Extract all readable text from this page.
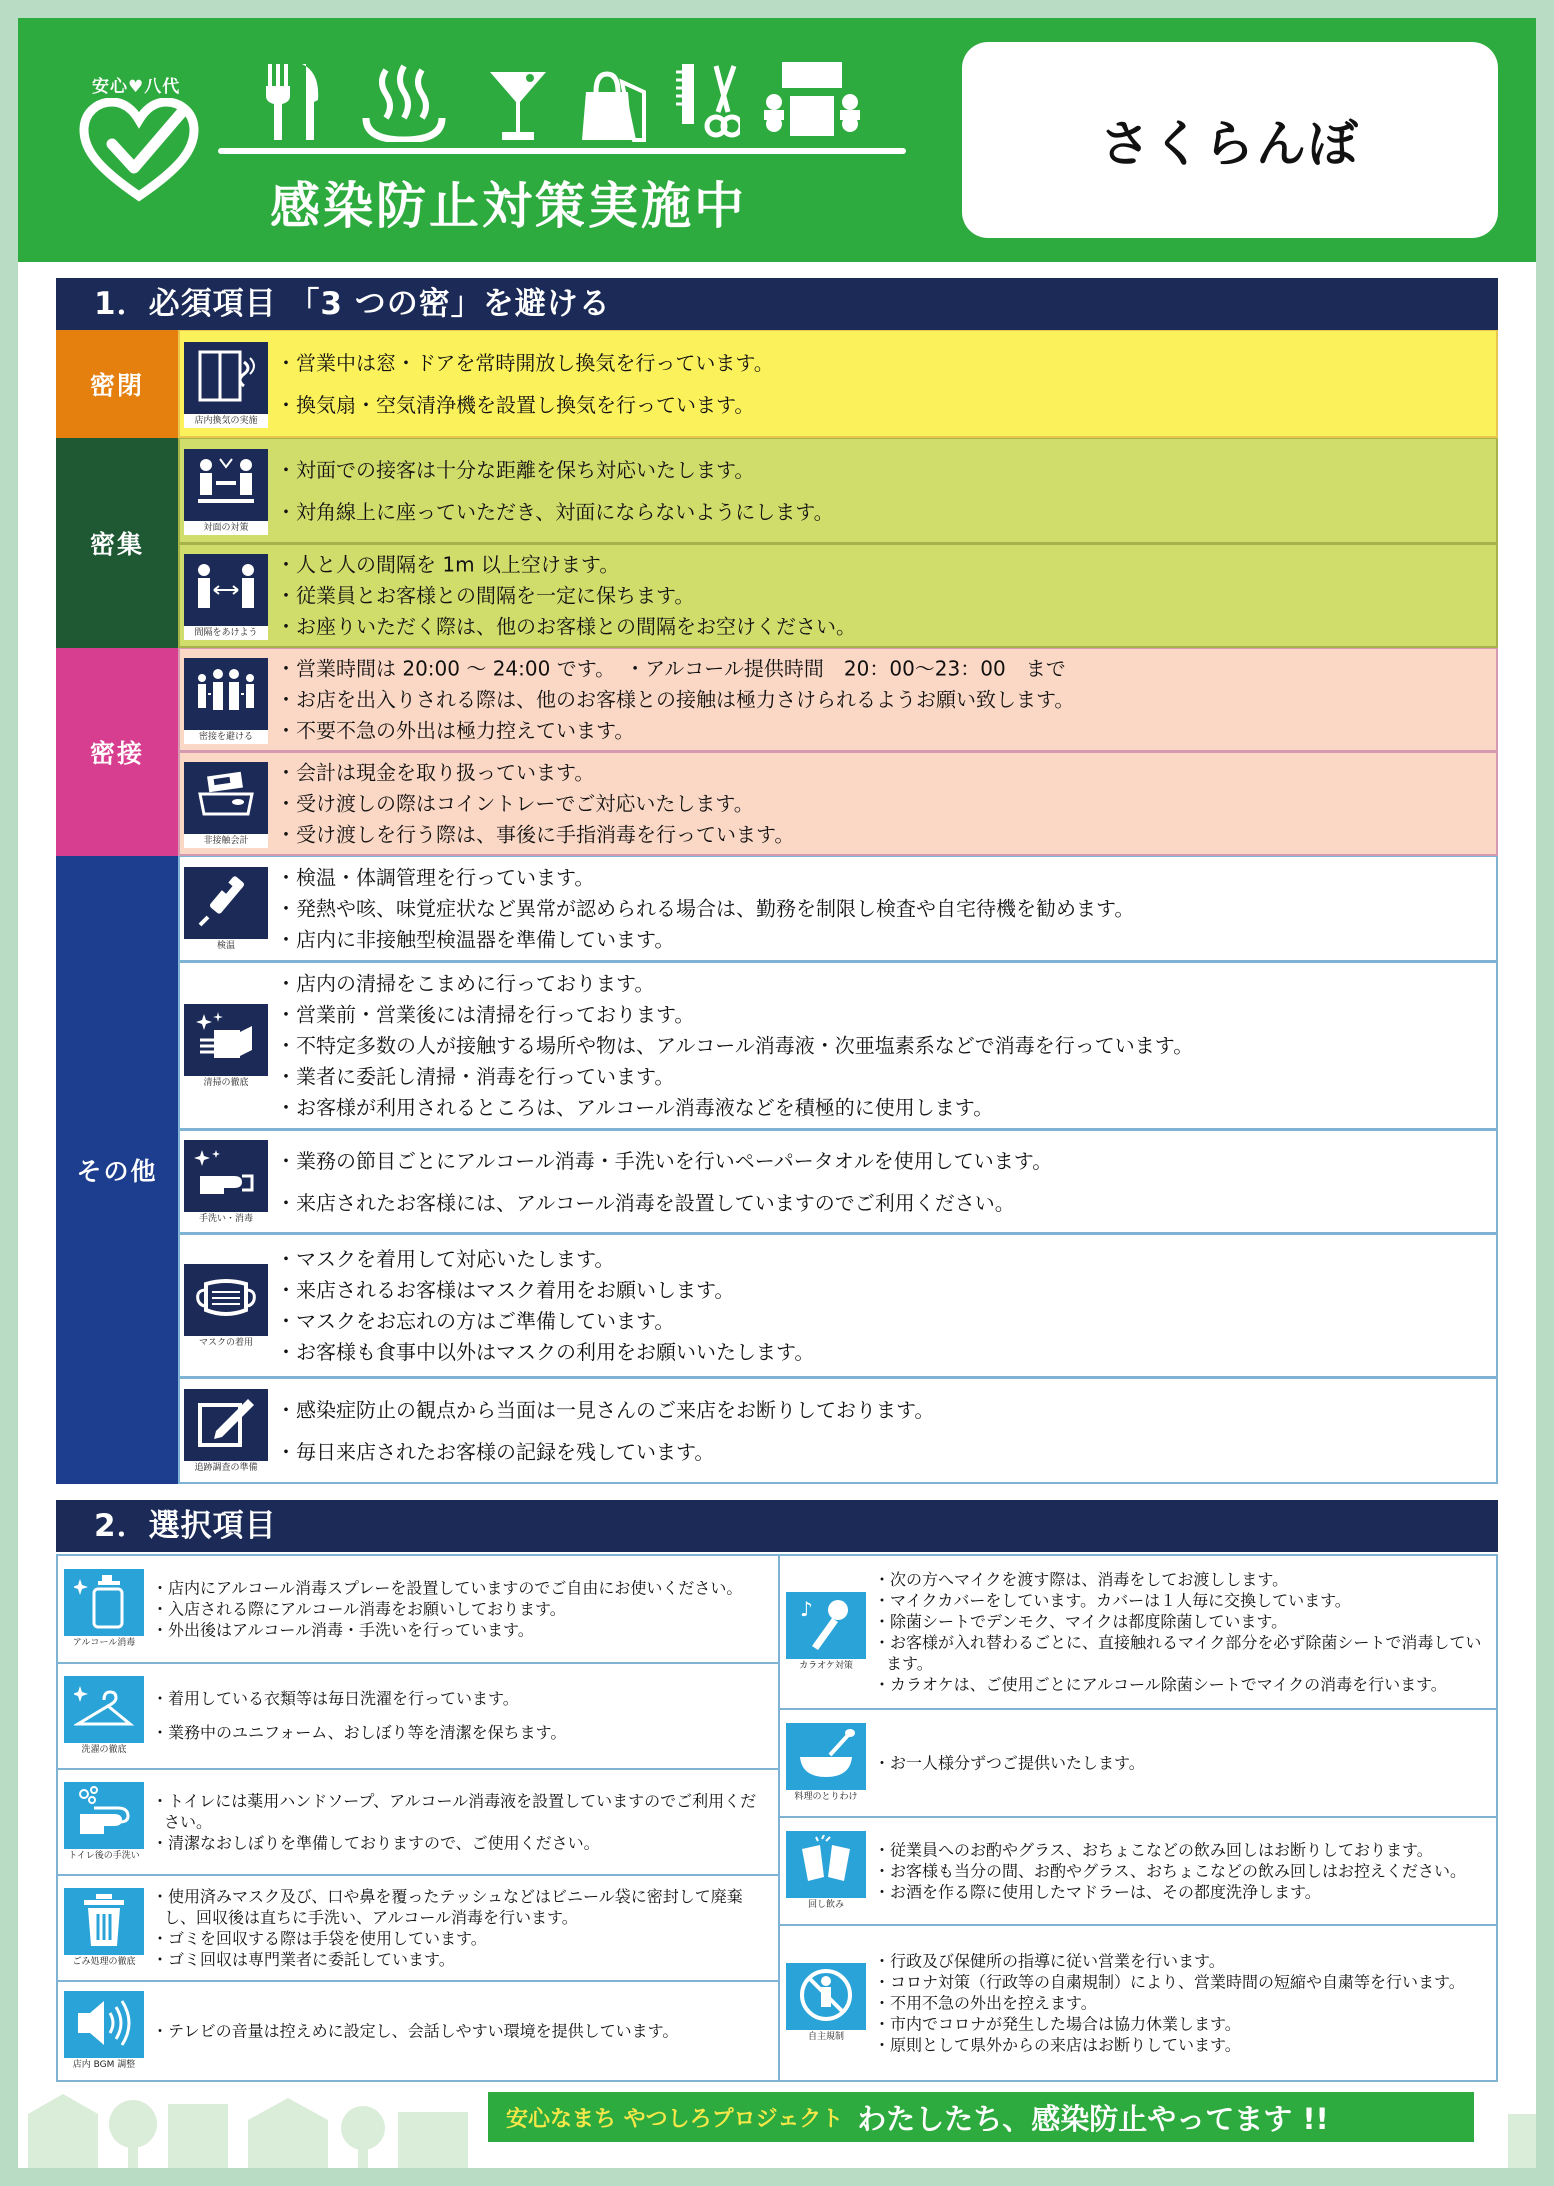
安心♥八代
感染防止対策実施中
さくらんぼ
1．必須項目 「3 つの密」を避ける
密閉
密集
密接
その他
店内換気の実施
・営業中は窓・ドアを常時開放し換気を行っています。
・換気扇・空気清浄機を設置し換気を行っています。
対面の対策
・対面での接客は十分な距離を保ち対応いたします。
・対角線上に座っていただき、対面にならないようにします。
間隔をあけよう
・人と人の間隔を 1m 以上空けます。
・従業員とお客様との間隔を一定に保ちます。
・お座りいただく際は、他のお客様との間隔をお空けください。
密接を避ける
・営業時間は 20:00 ～ 24:00 です。　・アルコール提供時間　20：00～23：00　まで
・お店を出入りされる際は、他のお客様との接触は極力さけられるようお願い致します。
・不要不急の外出は極力控えています。
非接触会計
・会計は現金を取り扱っています。
・受け渡しの際はコイントレーでご対応いたします。
・受け渡しを行う際は、事後に手指消毒を行っています。
検温
・検温・体調管理を行っています。
・発熱や咳、味覚症状など異常が認められる場合は、勤務を制限し検査や自宅待機を勧めます。
・店内に非接触型検温器を準備しています。
清掃の徹底
・店内の清掃をこまめに行っております。
・営業前・営業後には清掃を行っております。
・不特定多数の人が接触する場所や物は、アルコール消毒液・次亜塩素系などで消毒を行っています。
・業者に委託し清掃・消毒を行っています。
・お客様が利用されるところは、アルコール消毒液などを積極的に使用します。
手洗い・消毒
・業務の節目ごとにアルコール消毒・手洗いを行いペーパータオルを使用しています。
・来店されたお客様には、アルコール消毒を設置していますのでご利用ください。
マスクの着用
・マスクを着用して対応いたします。
・来店されるお客様はマスク着用をお願いします。
・マスクをお忘れの方はご準備しています。
・お客様も食事中以外はマスクの利用をお願いいたします。
追跡調査の準備
・感染症防止の観点から当面は一見さんのご来店をお断りしております。
・毎日来店されたお客様の記録を残しています。
2．選択項目
アルコール消毒
・店内にアルコール消毒スプレーを設置していますのでご自由にお使いください。
・入店される際にアルコール消毒をお願いしております。
・外出後はアルコール消毒・手洗いを行っています。
洗濯の徹底
・着用している衣類等は毎日洗濯を行っています。
・業務中のユニフォーム、おしぼり等を清潔を保ちます。
トイレ後の手洗い
・トイレには薬用ハンドソープ、アルコール消毒液を設置していますのでご利用ください。
・清潔なおしぼりを準備しておりますので、ご使用ください。
ごみ処理の徹底
・使用済みマスク及び、口や鼻を覆ったテッシュなどはビニール袋に密封して廃棄し、回収後は直ちに手洗い、アルコール消毒を行います。
・ゴミを回収する際は手袋を使用しています。
・ゴミ回収は専門業者に委託しています。
店内 BGM 調整
・テレビの音量は控えめに設定し、会話しやすい環境を提供しています。
♪
カラオケ対策
・次の方へマイクを渡す際は、消毒をしてお渡しします。
・マイクカバーをしています。カバーは１人毎に交換しています。
・除菌シートでデンモク、マイクは都度除菌しています。
・お客様が入れ替わるごとに、直接触れるマイク部分を必ず除菌シートで消毒しています。
・カラオケは、ご使用ごとにアルコール除菌シートでマイクの消毒を行います。
料理のとりわけ
・お一人様分ずつご提供いたします。
回し飲み
・従業員へのお酌やグラス、おちょこなどの飲み回しはお断りしております。
・お客様も当分の間、お酌やグラス、おちょこなどの飲み回しはお控えください。
・お酒を作る際に使用したマドラーは、その都度洗浄します。
自主規制
・行政及び保健所の指導に従い営業を行います。
・コロナ対策（行政等の自粛規制）により、営業時間の短縮や自粛等を行います。
・不用不急の外出を控えます。
・市内でコロナが発生した場合は協力休業します。
・原則として県外からの来店はお断りしています。
安心なまち やつしろプロジェクト わたしたち、感染防止やってます !!
